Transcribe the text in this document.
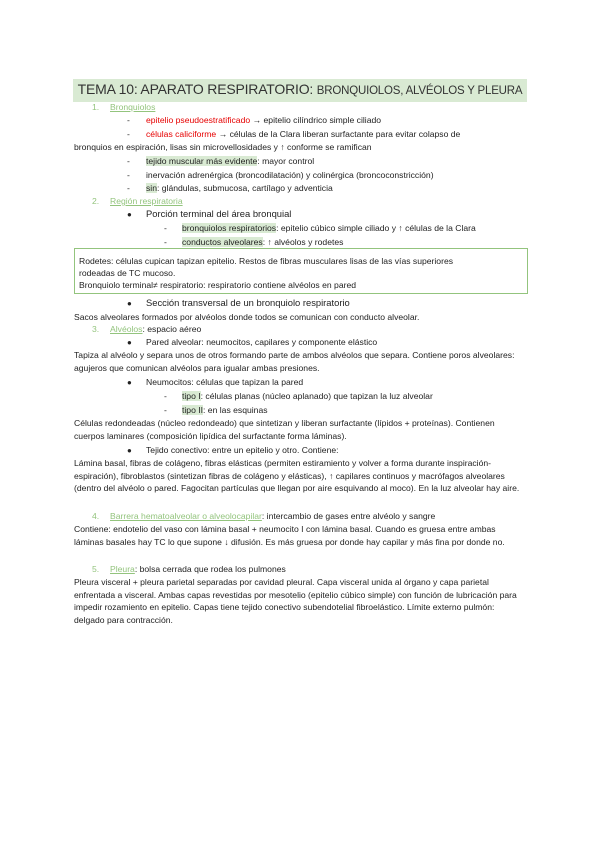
TEMA 10: APARATO RESPIRATORIO: BRONQUIOLOS, ALVÉOLOS Y PLEURA
1. Bronquiolos
- epitelio pseudoestratificado → epitelio cilíndrico simple ciliado
- células caliciforme → células de la Clara liberan surfactante para evitar colapso de
bronquios en espiración, lisas sin microvellosidades y ↑ conforme se ramifican
- tejido muscular más evidente: mayor control
- inervación adrenérgica (broncodilatación) y colinérgica (broncoconstricción)
- sin: glándulas, submucosa, cartílago y adventicia
2. Región respiratoria
● Porción terminal del área bronquial
- bronquiolos respiratorios: epitelio cúbico simple ciliado y ↑ células de la Clara
- conductos alveolares: ↑ alvéolos y rodetes
Rodetes: células cupican tapizan epitelio. Restos de fibras musculares lisas de las vías superiores
rodeadas de TC mucoso.
Bronquiolo terminal≠ respiratorio: respiratorio contiene alvéolos en pared
● Sección transversal de un bronquiolo respiratorio
Sacos alveolares formados por alvéolos donde todos se comunican con conducto alveolar.
3. Alvéolos: espacio aéreo
● Pared alveolar: neumocitos, capilares y componente elástico
Tapiza al alvéolo y separa unos de otros formando parte de ambos alvéolos que separa. Contiene poros alveolares: agujeros que comunican alvéolos para igualar ambas presiones.
● Neumocitos: células que tapizan la pared
- tipo I: células planas (núcleo aplanado) que tapizan la luz alveolar
- tipo II: en las esquinas
Células redondeadas (núcleo redondeado) que sintetizan y liberan surfactante (lípidos + proteínas). Contienen cuerpos laminares (composición lipídica del surfactante forma láminas).
● Tejido conectivo: entre un epitelio y otro. Contiene:
Lámina basal, fibras de colágeno, fibras elásticas (permiten estiramiento y volver a forma durante inspiración-espiración), fibroblastos (sintetizan fibras de colágeno y elásticas), ↑ capilares continuos y macrófagos alveolares (dentro del alvéolo o pared. Fagocitan partículas que llegan por aire esquivando al moco). En la luz alveolar hay aire.
4. Barrera hematoalveolar o alveolocapilar: intercambio de gases entre alvéolo y sangre
Contiene: endotelio del vaso con lámina basal + neumocito I con lámina basal. Cuando es gruesa entre ambas láminas basales hay TC lo que supone ↓ difusión. Es más gruesa por donde hay capilar y más fina por donde no.
5. Pleura: bolsa cerrada que rodea los pulmones
Pleura visceral + pleura parietal separadas por cavidad pleural. Capa visceral unida al órgano y capa parietal enfrentada a visceral. Ambas capas revestidas por mesotelio (epitelio cúbico simple) con función de lubricación para impedir rozamiento en epitelio. Capas tiene tejido conectivo subendotelial fibroelástico. Límite externo pulmón: delgado para contracción.
